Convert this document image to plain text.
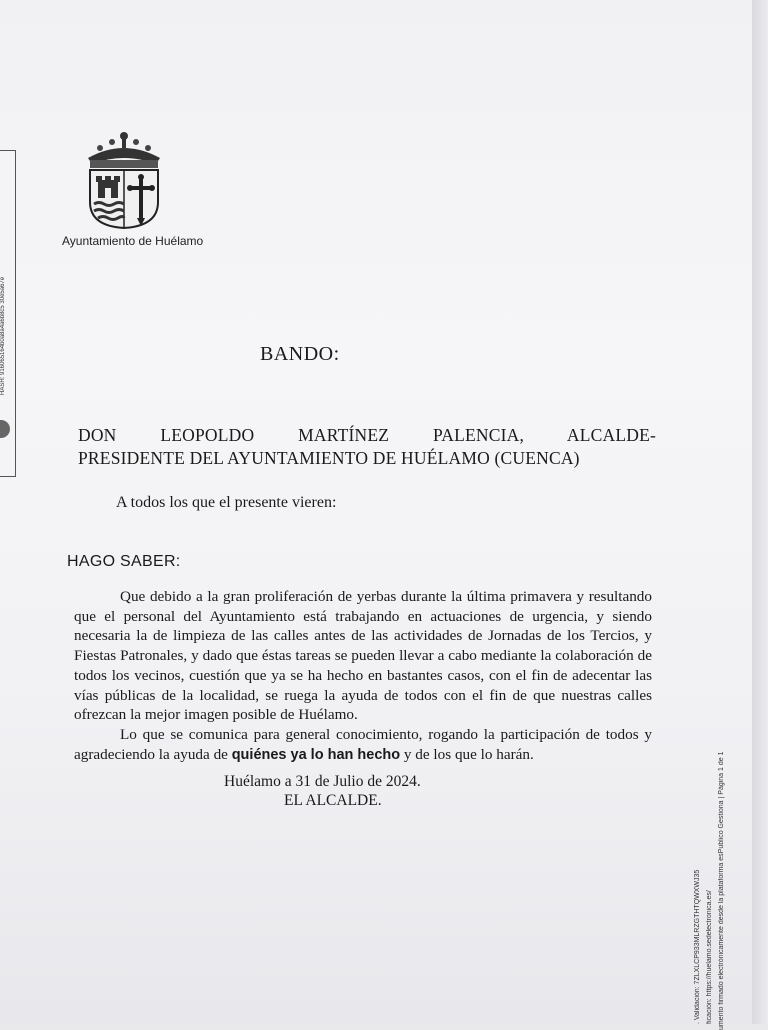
HASH: 916065164b0a8a4a6b8c5 30e5a67e
Ayuntamiento de Huélamo
BANDO:
DON LEOPOLDO MARTÍNEZ PALENCIA, ALCALDE-
PRESIDENTE DEL AYUNTAMIENTO DE HUÉLAMO (CUENCA)
A todos los que el presente vieren:
HAGO SABER:

Que debido a la gran proliferación de yerbas durante la última primavera y resultando que el personal del Ayuntamiento está trabajando en actuaciones de urgencia, y siendo necesaria la de limpieza de las calles antes de las actividades de Jornadas de los Tercios, y Fiestas Patronales, y dado que éstas tareas se pueden llevar a cabo mediante la colaboración de todos los vecinos, cuestión que ya se ha hecho en bastantes casos, con el fin de adecentar las vías públicas de la localidad, se ruega la ayuda de todos con el fin de que nuestras calles ofrezcan la mejor imagen posible de Huélamo.

Lo que se comunica para general conocimiento, rogando la participación de todos y agradeciendo la ayuda de quiénes ya lo han hecho y de los que lo harán.

Huélamo a 31 de Julio de 2024.
EL ALCALDE.	umento firmado electrónicamente desde la plataforma esPublico Gestiona | Página 1 de 1
ficación: https://huelamo.sedelectronica.es/
. Validación: 7ZLXLCP933MLRZGTHTQWXWJ35
